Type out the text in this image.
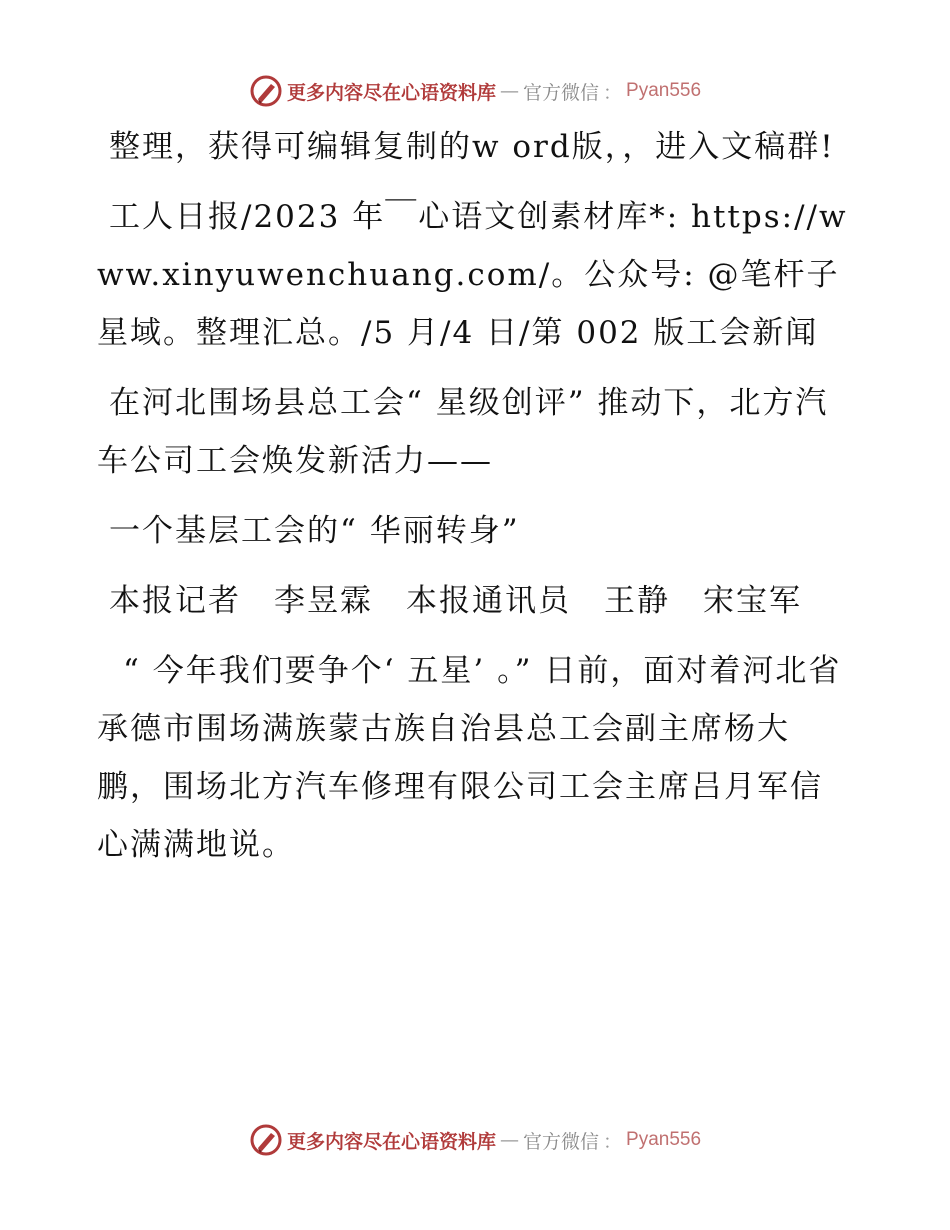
更多内容尽在心语资料库 — 官方微信 ： Pyan556

整理，获得可编辑复制的w ord版，，进入文稿群!

工人日报/2023 年￣心语文创素材库*: https://www.xinyuwenchuang.com/。公众号: @笔杆子星域。整理汇总。/5 月/4 日/第 002 版工会新闻

在河北围场县总工会“ 星级创评” 推动下，北方汽车公司工会焕发新活力——

一个基层工会的“ 华丽转身”

本报记者　李昱霖　本报通讯员　王静　宋宝军

“ 今年我们要争个‘ 五星’ 。” 日前，面对着河北省承德市围场满族蒙古族自治县总工会副主席杨大鹏，围场北方汽车修理有限公司工会主席吕月军信心满满地说。

更多内容尽在心语资料库 — 官方微信 ： Pyan556
